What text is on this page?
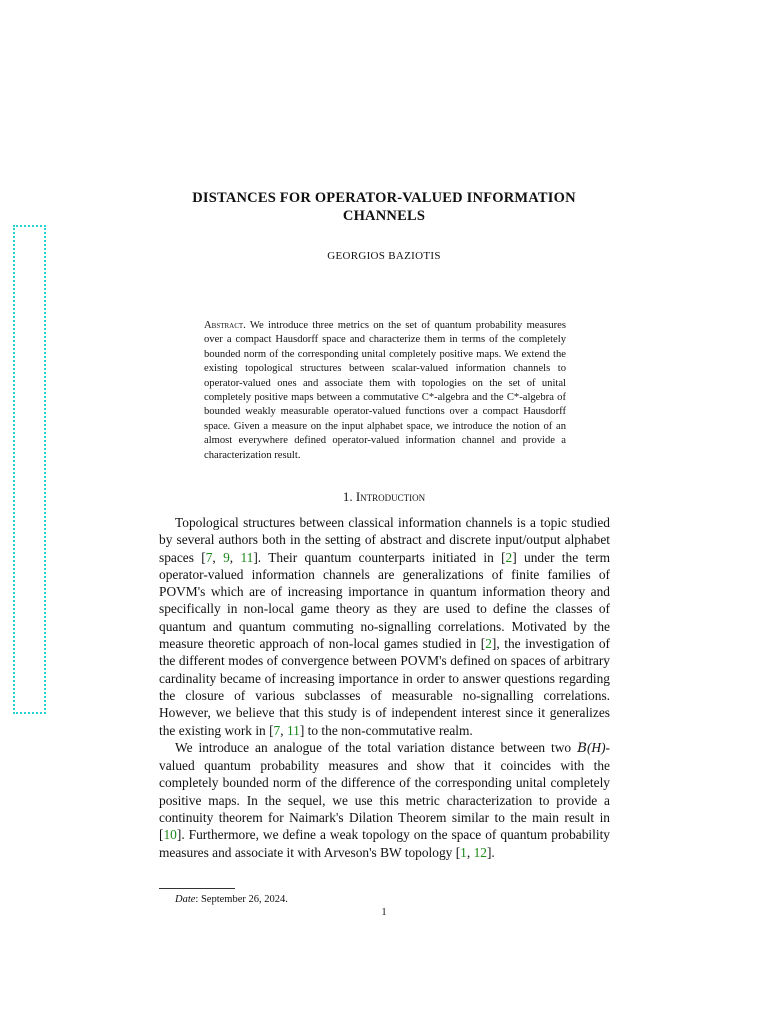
DISTANCES FOR OPERATOR-VALUED INFORMATION CHANNELS
GEORGIOS BAZIOTIS
Abstract. We introduce three metrics on the set of quantum probability measures over a compact Hausdorff space and characterize them in terms of the completely bounded norm of the corresponding unital completely positive maps. We extend the existing topological structures between scalar-valued information channels to operator-valued ones and associate them with topologies on the set of unital completely positive maps between a commutative C*-algebra and the C*-algebra of bounded weakly measurable operator-valued functions over a compact Hausdorff space. Given a measure on the input alphabet space, we introduce the notion of an almost everywhere defined operator-valued information channel and provide a characterization result.
1. Introduction

Topological structures between classical information channels is a topic studied by several authors both in the setting of abstract and discrete input/output alphabet spaces [7, 9, 11]. Their quantum counterparts initiated in [2] under the term operator-valued information channels are generalizations of finite families of POVM's which are of increasing importance in quantum information theory and specifically in non-local game theory as they are used to define the classes of quantum and quantum commuting no-signalling correlations. Motivated by the measure theoretic approach of non-local games studied in [2], the investigation of the different modes of convergence between POVM's defined on spaces of arbitrary cardinality became of increasing importance in order to answer questions regarding the closure of various subclasses of measurable no-signalling correlations. However, we believe that this study is of independent interest since it generalizes the existing work in [7, 11] to the non-commutative realm.

We introduce an analogue of the total variation distance between two B(H)-valued quantum probability measures and show that it coincides with the completely bounded norm of the difference of the corresponding unital completely positive maps. In the sequel, we use this metric characterization to provide a continuity theorem for Naimark's Dilation Theorem similar to the main result in [10]. Furthermore, we define a weak topology on the space of quantum probability measures and associate it with Arveson's BW topology [1, 12].

Date: September 26, 2024.
1
